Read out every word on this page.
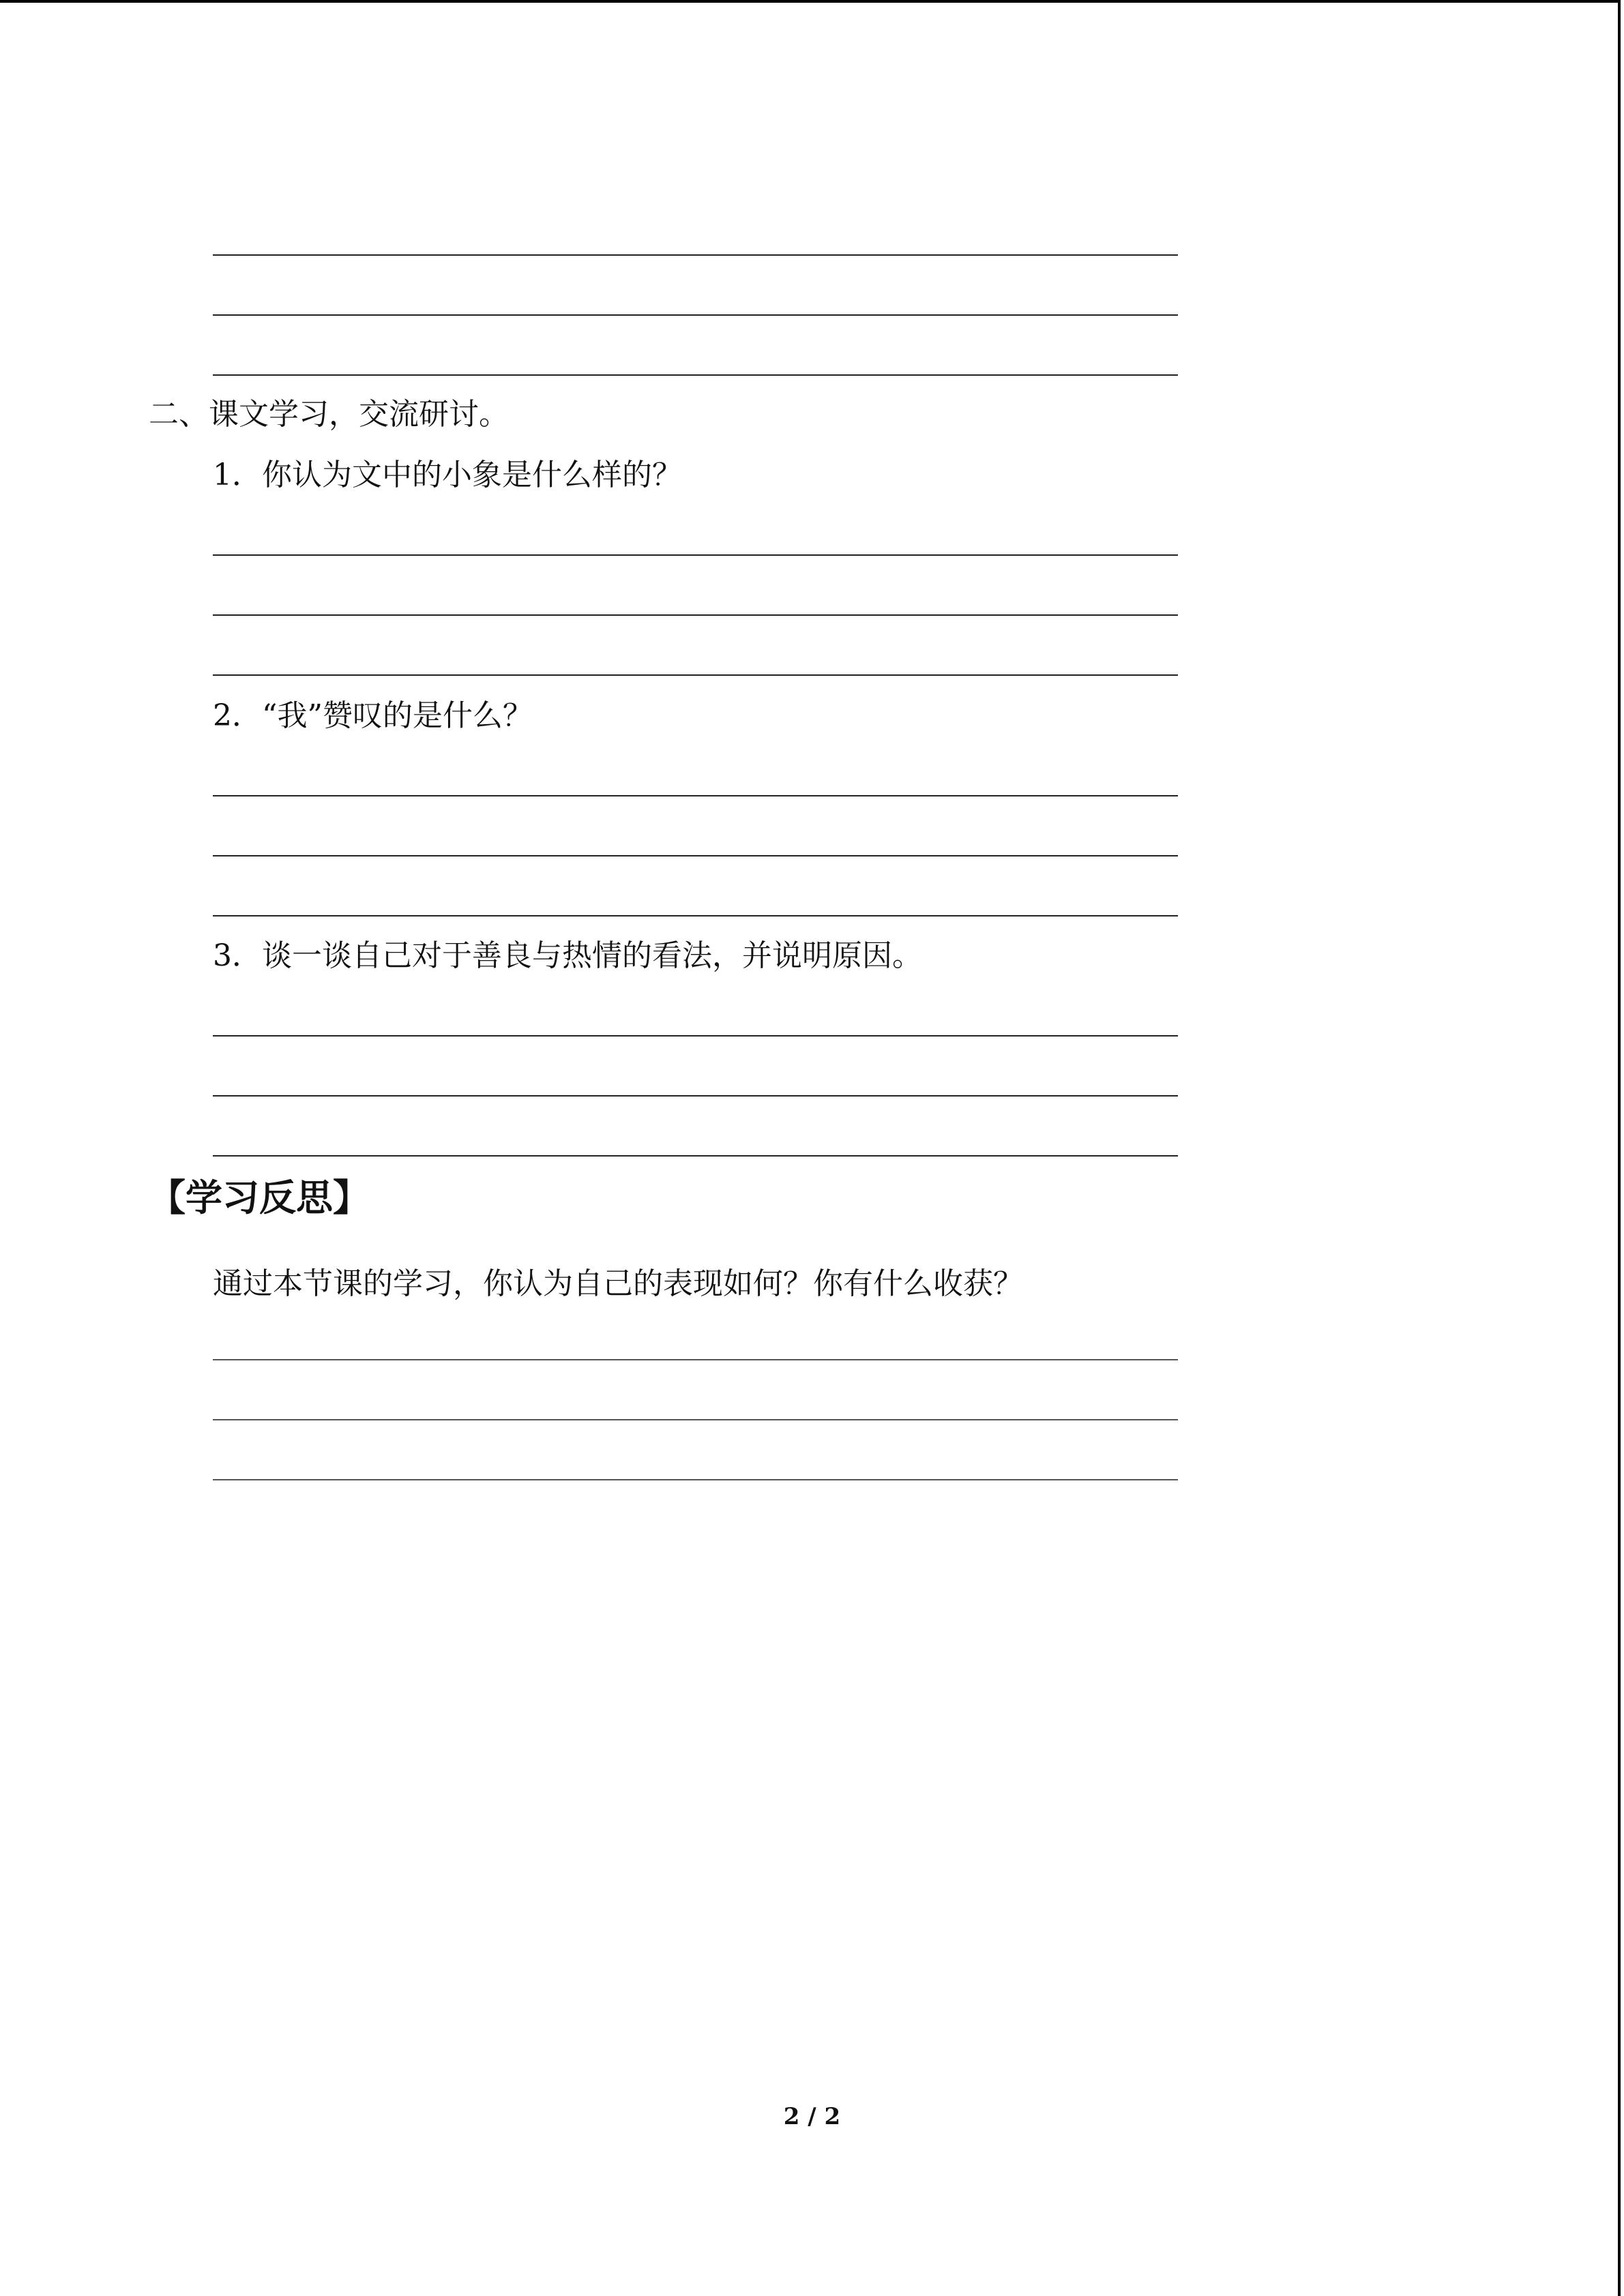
二、课文学习，交流研讨。
1．你认为文中的小象是什么样的？
2．“我”赞叹的是什么？
3．谈一谈自己对于善良与热情的看法，并说明原因。
【学习反思】
通过本节课的学习，你认为自己的表现如何？你有什么收获？
2 / 2
